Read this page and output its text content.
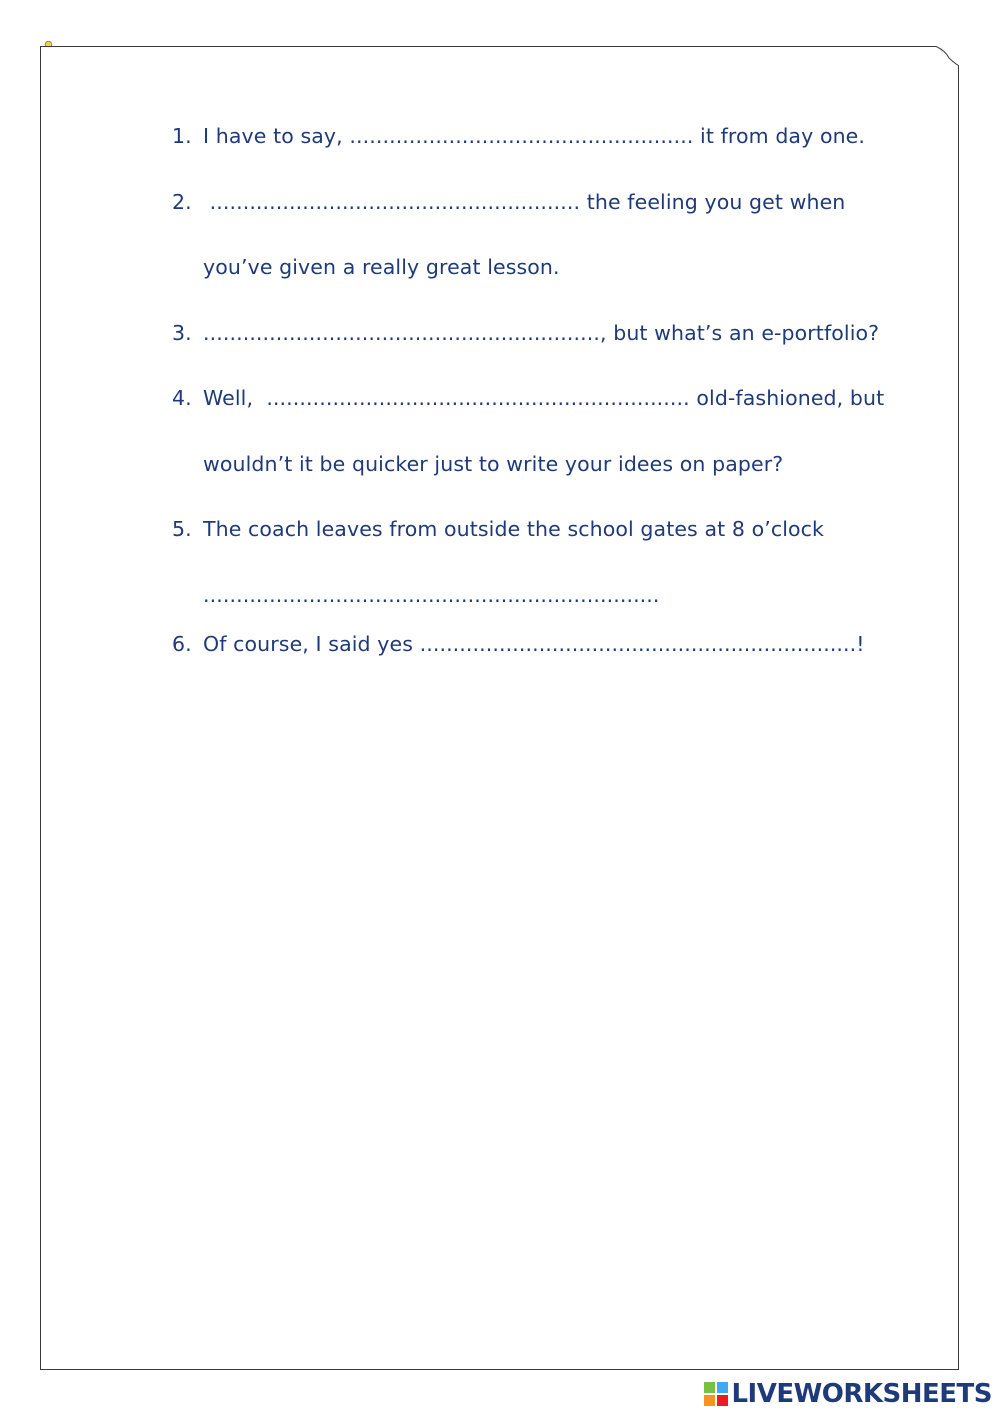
1. I have to say, .................................................... it from day one.
2. ........................................................ the feeling you get when
you’ve given a really great lesson.
3. ............................................................, but what’s an e-portfolio?
4. Well,  ................................................................ old-fashioned, but
wouldn’t it be quicker just to write your idees on paper?
5. The coach leaves from outside the school gates at 8 o’clock
.....................................................................
6. Of course, I said yes ..................................................................!
LIVEWORKSHEETS
